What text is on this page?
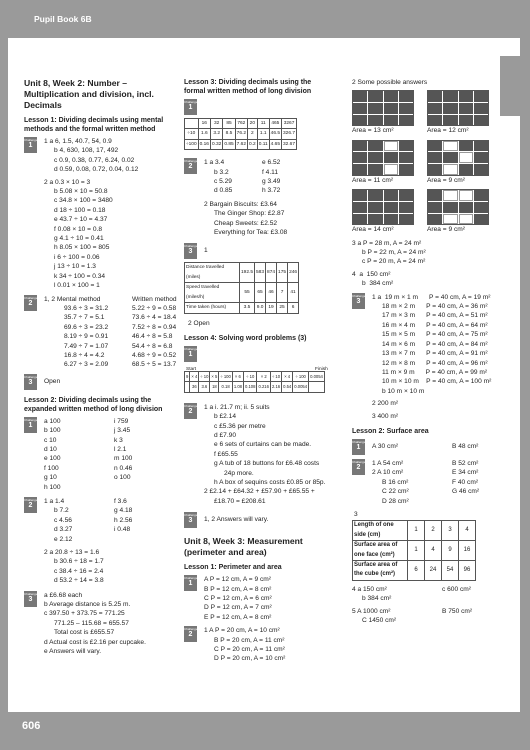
Pupil Book 6B
Unit 8, Week 2: Number – Multiplication and division, incl. Decimals
Lesson 1: Dividing decimals using mental methods and the formal written method
Challenge
1
1 a 6, 1.5, 40.7, 54, 0.9
b 4, 630, 108, 17, 492
c 0.9, 0.38, 0.77, 6.24, 0.02
d 0.59, 0.08, 0.72, 0.04, 0.12
2 a 0.3 × 10 = 3
b 5.08 × 10 = 50.8
c 34.8 × 100 = 3480
d 18 ÷ 100 = 0.18
e 43.7 ÷ 10 = 4.37
f 0.08 × 10 = 0.8
g 4.1 ÷ 10 = 0.41
h 8.05 × 100 = 805
i 6 ÷ 100 = 0.06
j 13 ÷ 10 = 1.3
k 34 ÷ 100 = 0.34
l 0.01 × 100 = 1
Challenge
2
1, 2 Mental method	Written method
93.6 ÷ 3 = 31.2	5.22 ÷ 9 = 0.58
35.7 ÷ 7 = 5.1	73.6 ÷ 4 = 18.4
69.6 ÷ 3 = 23.2	7.52 ÷ 8 = 0.94
8.19 ÷ 9 = 0.91	46.4 ÷ 8 = 5.8
7.49 ÷ 7 = 1.07	54.4 ÷ 8 = 6.8
16.8 ÷ 4 = 4.2	4.68 ÷ 9 = 0.52
6.27 ÷ 3 = 2.09	68.5 ÷ 5 = 13.7
Challenge
3	Open
Lesson 2: Dividing decimals using the expanded written method of long division
Challenge
1
a 100	i 759
b 100	j 3.45
c 10	k 3
d 10	l 2.1
e 100	m 100
f 100	n 0.46
g 10	o 100
h 100
Challenge
2
1 a 1.4	f 3.6
b 7.2	g 4.18
c 4.56	h 2.56
d 3.27	i 0.48
e 2.12
2 a 20.8 ÷ 13 = 1.6
b 30.6 ÷ 18 = 1.7
c 38.4 ÷ 16 = 2.4
d 53.2 ÷ 14 = 3.8
Challenge
3
a £6.68 each
b Average distance is 5.25 m.
c 397.50 + 373.75 = 771.25
771.25 – 115.68 = 655.57
Total cost is £655.57
d Actual cost is £2.16 per cupcake.
e Answers will vary.
Lesson 3: Dividing decimals using the formal written method of long division
Challenge
1
	16	32	85	762	20	11	465	3267
÷10	1.6	3.2	8.5	76.2	2	1.1	46.5	326.7
÷100	0.16	0.32	0.85	7.62	0.2	0.11	4.65	32.67
Challenge
2
1 a 3.4	e 6.52
b 3.2	f 4.11
c 5.29	g 3.49
d 0.85	h 3.72
2 Bargain Biscuits: £3.64
The Ginger Shop: £2.87
Cheap Sweets: £2.52
Everything for Tea: £3.08
Challenge
3	1
Distance travelled (miles)	192.5	583	874	175	246
Speed travelled (miles/h)	55	65	46	7	41
Time taken (hours)	3.5	9.0	19	25	6
2 Open
Lesson 4: Solving word problems (3)
Challenge
1
Start	Finish
9	× 4	÷ 10	× 5	÷ 100	× 6	÷ 10	× 2	÷ 10	× 4	÷ 100	0.0054
	36	3.6	18	0.18	1.08	0.108	0.216	2.16	0.54	0.0054	
Challenge
2
1 a i. 21.7 m; ii. 5 suits
b £2.14
c £5.36 per metre
d £7.90
e 6 sets of curtains can be made.
f £65.55
g A tub of 18 buttons for £6.48 costs
24p more.
h A box of sequins costs £0.85 or 85p.
2 £2.14 + £64.32 + £57.90 + £65.55 +
£18.70 = £208.61
Challenge
3	1, 2 Answers will vary.
Unit 8, Week 3: Measurement (perimeter and area)
Lesson 1: Perimeter and area
Challenge
1
A P = 12 cm, A = 9 cm²
B P = 12 cm, A = 8 cm²
C P = 12 cm, A = 6 cm²
D P = 12 cm, A = 7 cm²
E P = 12 cm, A = 8 cm²
Challenge
2
1 A P = 20 cm, A = 10 cm²
B P = 20 cm, A = 11 cm²
C P = 20 cm, A = 11 cm²
D P = 20 cm, A = 10 cm²
2 Some possible answers
Area = 13 cm²	Area = 12 cm²
Area = 11 cm²	Area = 9 cm²
Area = 14 cm²	Area = 9 cm²
3 a P = 28 m, A = 24 m²
b P = 22 m, A = 24 m²
c P = 20 m, A = 24 m²
4  a  150 cm²
b  384 cm²
Challenge
3
1 a  19 m × 1 m      P = 40 cm, A = 19 m²
18 m × 2 m      P = 40 cm, A = 36 m²
17 m × 3 m      P = 40 cm, A = 51 m²
16 m × 4 m      P = 40 cm, A = 64 m²
15 m × 5 m      P = 40 cm, A = 75 m²
14 m × 6 m      P = 40 cm, A = 84 m²
13 m × 7 m      P = 40 cm, A = 91 m²
12 m × 8 m      P = 40 cm, A = 96 m²
11 m × 9 m      P = 40 cm, A = 99 m²
10 m × 10 m    P = 40 cm, A = 100 m²
b 10 m × 10 m
2 200 m²
3 400 m²
Lesson 2: Surface area
Challenge
1	A 30 cm²	B 48 cm²
Challenge
2
1 A 54 cm²	B 52 cm²
2 A 10 cm²	E 34 cm²
B 16 cm²	F 40 cm²
C 22 cm²	G 46 cm²
D 28 cm²
3
Length of one side (cm)	1	2	3	4
Surface area of one face (cm²)	1	4	9	16
Surface area of the cube (cm²)	6	24	54	96
4 a 150 cm²	c 600 cm²
b 384 cm²
5 A 1000 cm²	B 750 cm²
C 1450 cm²
606
